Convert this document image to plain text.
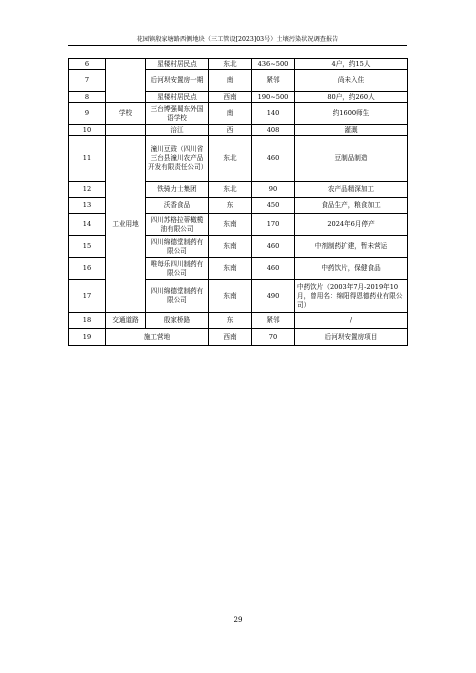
花园镇殷家塘路西侧地块（三工管设[2023]03号）土壤污染状况调查报告
6		星楼村居民点	东北	436~500	4户，约15人
7		后河坝安置房一期	南	紧邻	尚未入住
8		星楼村居民点	西南	190~500	80户，约260人
9	学校	三台博强蜀东外国语学校	南	140	约1600师生
10		涪江	西	408	灌溉
11	工业用地	潼川豆豉（四川省三台县潼川农产品开发有限责任公司）	东北	460	豆制品制造
12		铁骑力士集团	东北	90	农产品精深加工
13		沃香食品	东	450	食品生产，粮食加工
14		四川苏格拉蒂橄榄油有限公司	东南	170	2024年6月停产
15		四川绵德堂制药有限公司	东南	460	中剂制药扩建，暂未营运
16		唯每乐四川制药有限公司	东南	460	中药饮片，保健食品
17		四川绵德堂制药有限公司	东南	490	中药饮片（2003年7月-2019年10月，曾用名：绵阳得恩德药业有限公司）
18	交通道路	殷家桥路	东	紧邻	/
19	施工营地		西南	70	后河坝安置房项目
29
